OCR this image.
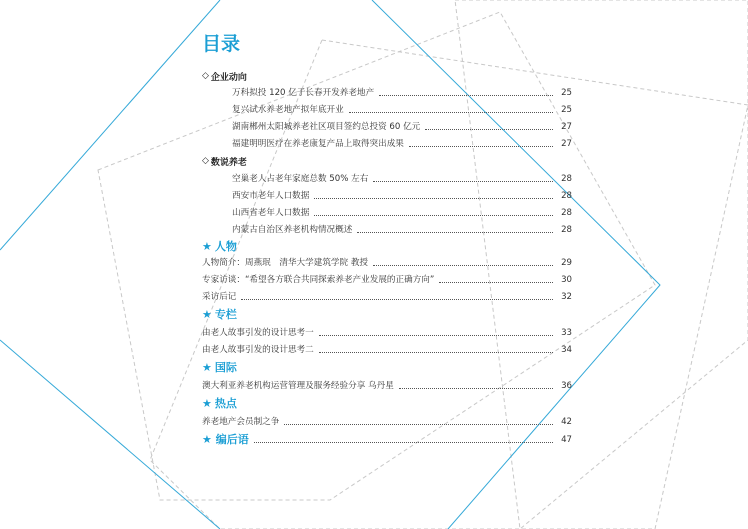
目录
◇ 企业动向
万科拟投 120 亿于长春开发养老地产	25
复兴试水养老地产拟年底开业	25
湖南郴州太阳城养老社区项目签约总投资 60 亿元	27
福建明明医疗在养老康复产品上取得突出成果	27
◇ 数说养老
空巢老人占老年家庭总数 50% 左右	28
西安市老年人口数据	28
山西省老年人口数据	28
内蒙古自治区养老机构情况概述	28
★ 人物
人物简介：周燕珉　清华大学建筑学院 教授	29
专家访谈：“希望各方联合共同探索养老产业发展的正确方向”	30
采访后记	32
★ 专栏
由老人故事引发的设计思考一	33
由老人故事引发的设计思考二	34
★ 国际
澳大利亚养老机构运营管理及服务经验分享 乌丹星	36
★ 热点
养老地产会员制之争	42
★ 编后语	47
